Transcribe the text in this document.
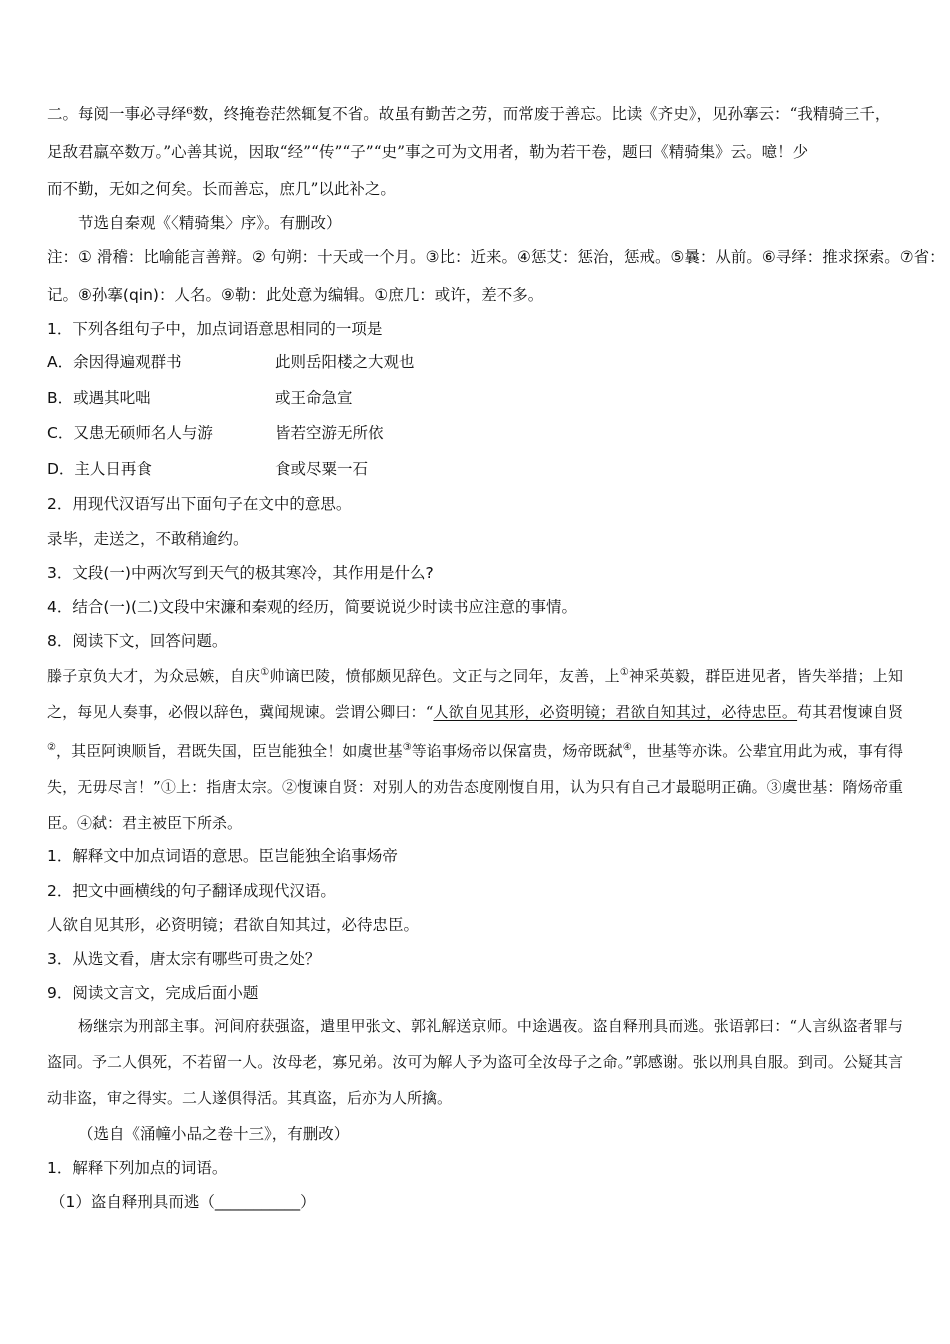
二。每阅一事必寻绎⁶数，终掩卷茫然辄复不省。故虽有勤苦之劳，而常废于善忘。比读《齐史》，见孙搴云：“我精骑三千，

足敌君羸卒数万。”心善其说，因取“经”“传”“子”“史”事之可为文用者，勒为若干卷，题曰《精骑集》云。噫！少

而不勤，无如之何矣。长而善忘，庶几”以此补之。

节选自秦观《〈精骑集〉序》。有删改）

注：① 滑稽：比喻能言善辩。② 句朔：十天或一个月。③比：近来。④惩艾：惩治，惩戒。⑤曩：从前。⑥寻绎：推求探索。⑦省：

记。⑧孙搴(qin)：人名。⑨勒：此处意为编辑。①庶几：或许，差不多。

1．下列各组句子中，加点词语意思相同的一项是

A．余因得遍观群书	此则岳阳楼之大观也

B．或遇其叱咄	或王命急宣

C．又患无硕师名人与游	皆若空游无所依

D．主人日再食	食或尽粟一石

2．用现代汉语写出下面句子在文中的意思。

录毕，走送之，不敢稍逾约。

3．文段(一)中两次写到天气的极其寒冷，其作用是什么?

4．结合(一)(二)文段中宋濂和秦观的经历，简要说说少时读书应注意的事情。

8．阅读下文，回答问题。

滕子京负大才，为众忌嫉，自庆①帅谪巴陵，愤郁颇见辞色。文正与之同年，友善，上①神采英毅，群臣进见者，皆失举措；上知之，每见人奏事，必假以辞色，冀闻规谏。尝谓公卿曰：“人欲自见其形，必资明镜；君欲自知其过，必待忠臣。苟其君愎谏自贤②，其臣阿谀顺旨，君既失国，臣岂能独全！如虞世基③等谄事炀帝以保富贵，炀帝既弑④，世基等亦诛。公辈宜用此为戒，事有得失，无毋尽言！”①上：指唐太宗。②愎谏自贤：对别人的劝告态度刚愎自用，认为只有自己才最聪明正确。③虞世基：隋炀帝重臣。④弑：君主被臣下所杀。

1．解释文中加点词语的意思。臣岂能独全谄事炀帝

2．把文中画横线的句子翻译成现代汉语。

人欲自见其形，必资明镜；君欲自知其过，必待忠臣。

3．从选文看，唐太宗有哪些可贵之处？

9．阅读文言文，完成后面小题

杨继宗为刑部主事。河间府获强盗，遣里甲张文、郭礼解送京师。中途遇夜。盗自释刑具而逃。张语郭曰：“人言纵盗者罪与盗同。予二人俱死，不若留一人。汝母老，寡兄弟。汝可为解人予为盗可全汝母子之命。”郭感谢。张以刑具自服。到司。公疑其言动非盗，审之得实。二人遂俱得活。其真盗，后亦为人所擒。

（选自《涌幢小品之卷十三》，有删改）

1．解释下列加点的词语。

（1）盗自释刑具而逃（___________）
